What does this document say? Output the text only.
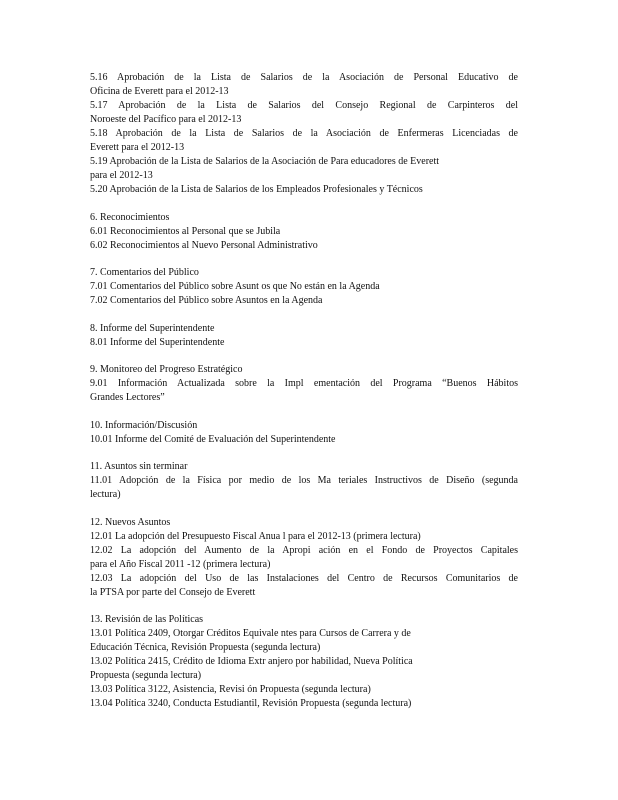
5.16 Aprobación de la Lista de Salarios de la Asociación de Personal Educativo de
Oficina de Everett para el 2012-13
5.17 Aprobación de la Lista de Salarios del Consejo Regional de Carpinteros del
Noroeste del Pacífico para el 2012-13
5.18 Aprobación de la Lista de Salarios de la Asociación de Enfermeras Licenciadas de
Everett para el 2012-13
5.19 Aprobación de la Lista de Salarios de la Asociación de Para educadores de Everett
para el 2012-13
5.20 Aprobación de la Lista de Salarios de los Empleados Profesionales y Técnicos
6. Reconocimientos
6.01 Reconocimientos al Personal que se Jubila
6.02 Reconocimientos al Nuevo Personal Administrativo
7. Comentarios del Público
7.01 Comentarios del Público sobre Asunt os que No están en la Agenda
7.02 Comentarios del Público sobre Asuntos en la Agenda
8. Informe del Superintendente
8.01 Informe del Superintendente
9. Monitoreo del Progreso Estratégico
9.01 Información Actualizada sobre la Impl ementación del Programa “Buenos Hábitos
Grandes Lectores”
10. Información/Discusión
10.01 Informe del Comité de Evaluación del Superintendente
11. Asuntos sin terminar
11.01 Adopción de la Física por medio de los Ma teriales Instructivos de Diseño (segunda
lectura)
12. Nuevos Asuntos
12.01 La adopción del Presupuesto Fiscal Anua l para el 2012-13 (primera lectura)
12.02 La adopción del Aumento de la Apropi ación en el Fondo de Proyectos Capitales
para el Año Fiscal 2011 -12 (primera lectura)
12.03 La adopción del Uso de las Instalaciones del Centro de Recursos Comunitarios de
la PTSA por parte del Consejo de Everett
13. Revisión de las Políticas
13.01 Política 2409, Otorgar Créditos Equivale ntes para Cursos de Carrera y de
Educación Técnica, Revisión Propuesta (segunda lectura)
13.02 Política 2415, Crédito de Idioma Extr anjero por habilidad, Nueva Política
Propuesta (segunda lectura)
13.03 Política 3122, Asistencia, Revisi ón Propuesta (segunda lectura)
13.04 Política 3240, Conducta Estudiantil, Revisión Propuesta (segunda lectura)
